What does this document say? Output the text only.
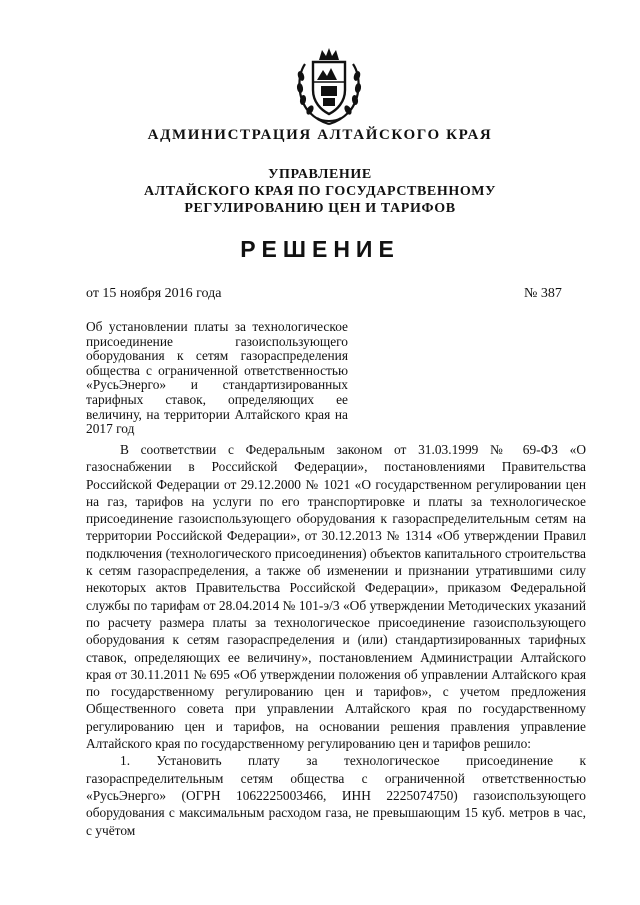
АДМИНИСТРАЦИЯ АЛТАЙСКОГО КРАЯ
УПРАВЛЕНИЕ
АЛТАЙСКОГО КРАЯ ПО ГОСУДАРСТВЕННОМУ
РЕГУЛИРОВАНИЮ ЦЕН И ТАРИФОВ
РЕШЕНИЕ
от 15 ноября 2016 года	№ 387
Об установлении платы за технологическое присоединение газоиспользующего оборудования к сетям газораспределения общества с ограниченной ответственностью «РусьЭнерго» и стандартизированных тарифных ставок, определяющих ее величину, на территории Алтайского края на 2017 год

В соответствии с Федеральным законом от 31.03.1999 № 69-ФЗ «О газоснабжении в Российской Федерации», постановлениями Правительства Российской Федерации от 29.12.2000 № 1021 «О государственном регулировании цен на газ, тарифов на услуги по его транспортировке и платы за технологическое присоединение газоиспользующего оборудования к газораспределительным сетям на территории Российской Федерации», от 30.12.2013 № 1314 «Об утверждении Правил подключения (технологического присоединения) объектов капитального строительства к сетям газораспределения, а также об изменении и признании утратившими силу некоторых актов Правительства Российской Федерации», приказом Федеральной службы по тарифам от 28.04.2014 № 101-э/3 «Об утверждении Методических указаний по расчету размера платы за технологическое присоединение газоиспользующего оборудования к сетям газораспределения и (или) стандартизированных тарифных ставок, определяющих ее величину», постановлением Администрации Алтайского края от 30.11.2011 № 695 «Об утверждении положения об управлении Алтайского края по государственному регулированию цен и тарифов», с учетом предложения Общественного совета при управлении Алтайского края по государственному регулированию цен и тарифов, на основании решения правления управление Алтайского края по государственному регулированию цен и тарифов решило:

1. Установить плату за технологическое присоединение к газораспределительным сетям общества с ограниченной ответственностью «РусьЭнерго» (ОГРН 1062225003466, ИНН 2225074750) газоиспользующего оборудования с максимальным расходом газа, не превышающим 15 куб. метров в час, с учётом
